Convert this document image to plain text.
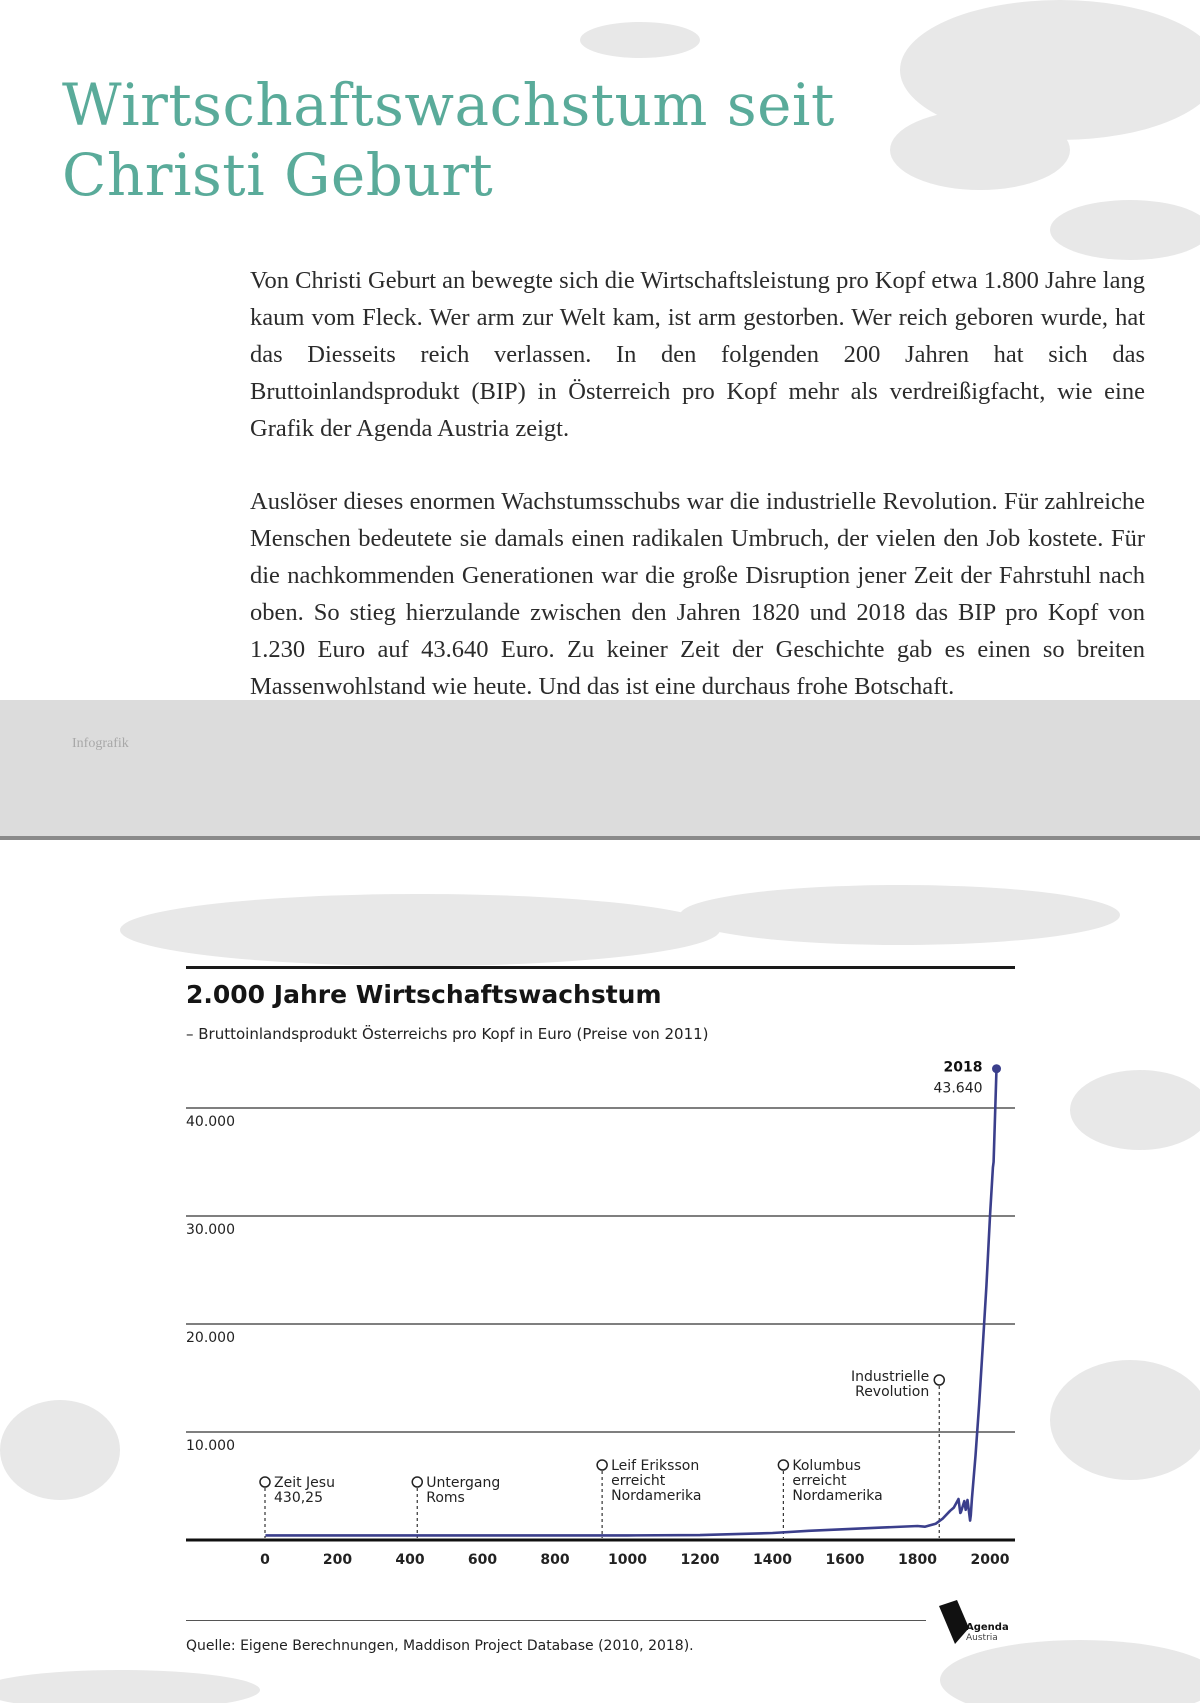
Wirtschaftswachstum seit
Christi Geburt

Von Christi Geburt an bewegte sich die Wirtschaftsleistung pro Kopf etwa 1.800 Jahre lang kaum vom Fleck. Wer arm zur Welt kam, ist arm gestorben. Wer reich geboren wurde, hat das Diesseits reich verlassen. In den folgenden 200 Jahren hat sich das Bruttoinlandsprodukt (BIP) in Österreich pro Kopf mehr als verdreißigfacht, wie eine Grafik der Agenda Austria zeigt.

Auslöser dieses enormen Wachstumsschubs war die industrielle Revolution. Für zahlreiche Menschen bedeutete sie damals einen radikalen Umbruch, der vielen den Job kostete. Für die nachkommenden Generationen war die große Disruption jener Zeit der Fahrstuhl nach oben. So stieg hierzulande zwischen den Jahren 1820 und 2018 das BIP pro Kopf von 1.230 Euro auf 43.640 Euro. Zu keiner Zeit der Geschichte gab es einen so breiten Massenwohlstand wie heute. Und das ist eine durchaus frohe Botschaft.

Infografik
2.000 Jahre Wirtschaftswachstum
– Bruttoinlandsprodukt Österreichs pro Kopf in Euro (Preise von 2011)
10.000
20.000
30.000
40.000
0	200	400	600	800	1000 1200 1400 1600 1800 2000
Zeit Jesu
430,25
Untergang
Roms
Leif Eriksson
erreicht
Nordamerika
Kolumbus
erreicht
Nordamerika
Industrielle
Revolution
2018
43.640
Quelle: Eigene Berechnungen, Maddison Project Database (2010, 2018).
Agenda
Austria
